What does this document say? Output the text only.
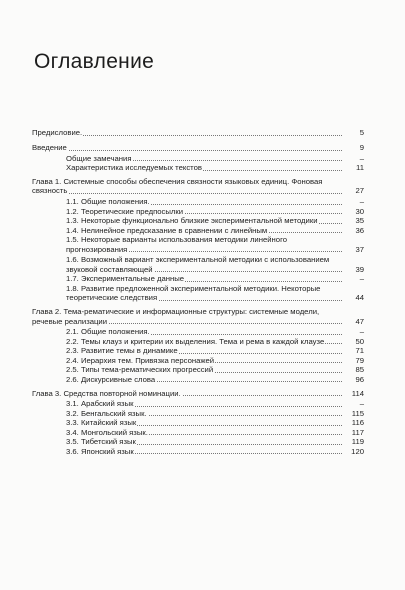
Оглавление
Предисловие.	5
Введение	9
Общие замечания	–
Характеристика исследуемых текстов	11
Глава 1. Системные способы обеспечения связности языковых единиц. Фоновая связность	27
1.1. Общие положения.	–
1.2. Теоретические предпосылки	30
1.3. Некоторые функционально близкие экспериментальной методики	35
1.4. Нелинейное предсказание в сравнении с линейным	36
1.5. Некоторые варианты использования методики линейного прогнозирования	37
1.6. Возможный вариант экспериментальной методики с использованием звуковой составляющей	39
1.7. Экспериментальные данные	–
1.8. Развитие предложенной экспериментальной методики. Некоторые теоретические следствия	44
Глава 2. Тема-рематические и информационные структуры: системные модели, речевые реализации	47
2.1. Общие положения.	–
2.2. Темы клауз и критерии их выделения. Тема и рема в каждой клаузе	50
2.3. Развитие темы в динамике	71
2.4. Иерархия тем. Привязка персонажей	79
2.5. Типы тема-рематических прогрессий	85
2.6. Дискурсивные слова	96
Глава 3. Средства повторной номинации.	114
3.1. Арабский язык	–
3.2. Бенгальский язык.	115
3.3. Китайский язык	116
3.4. Монгольский язык.	117
3.5. Тибетский язык	119
3.6. Японский язык	120
